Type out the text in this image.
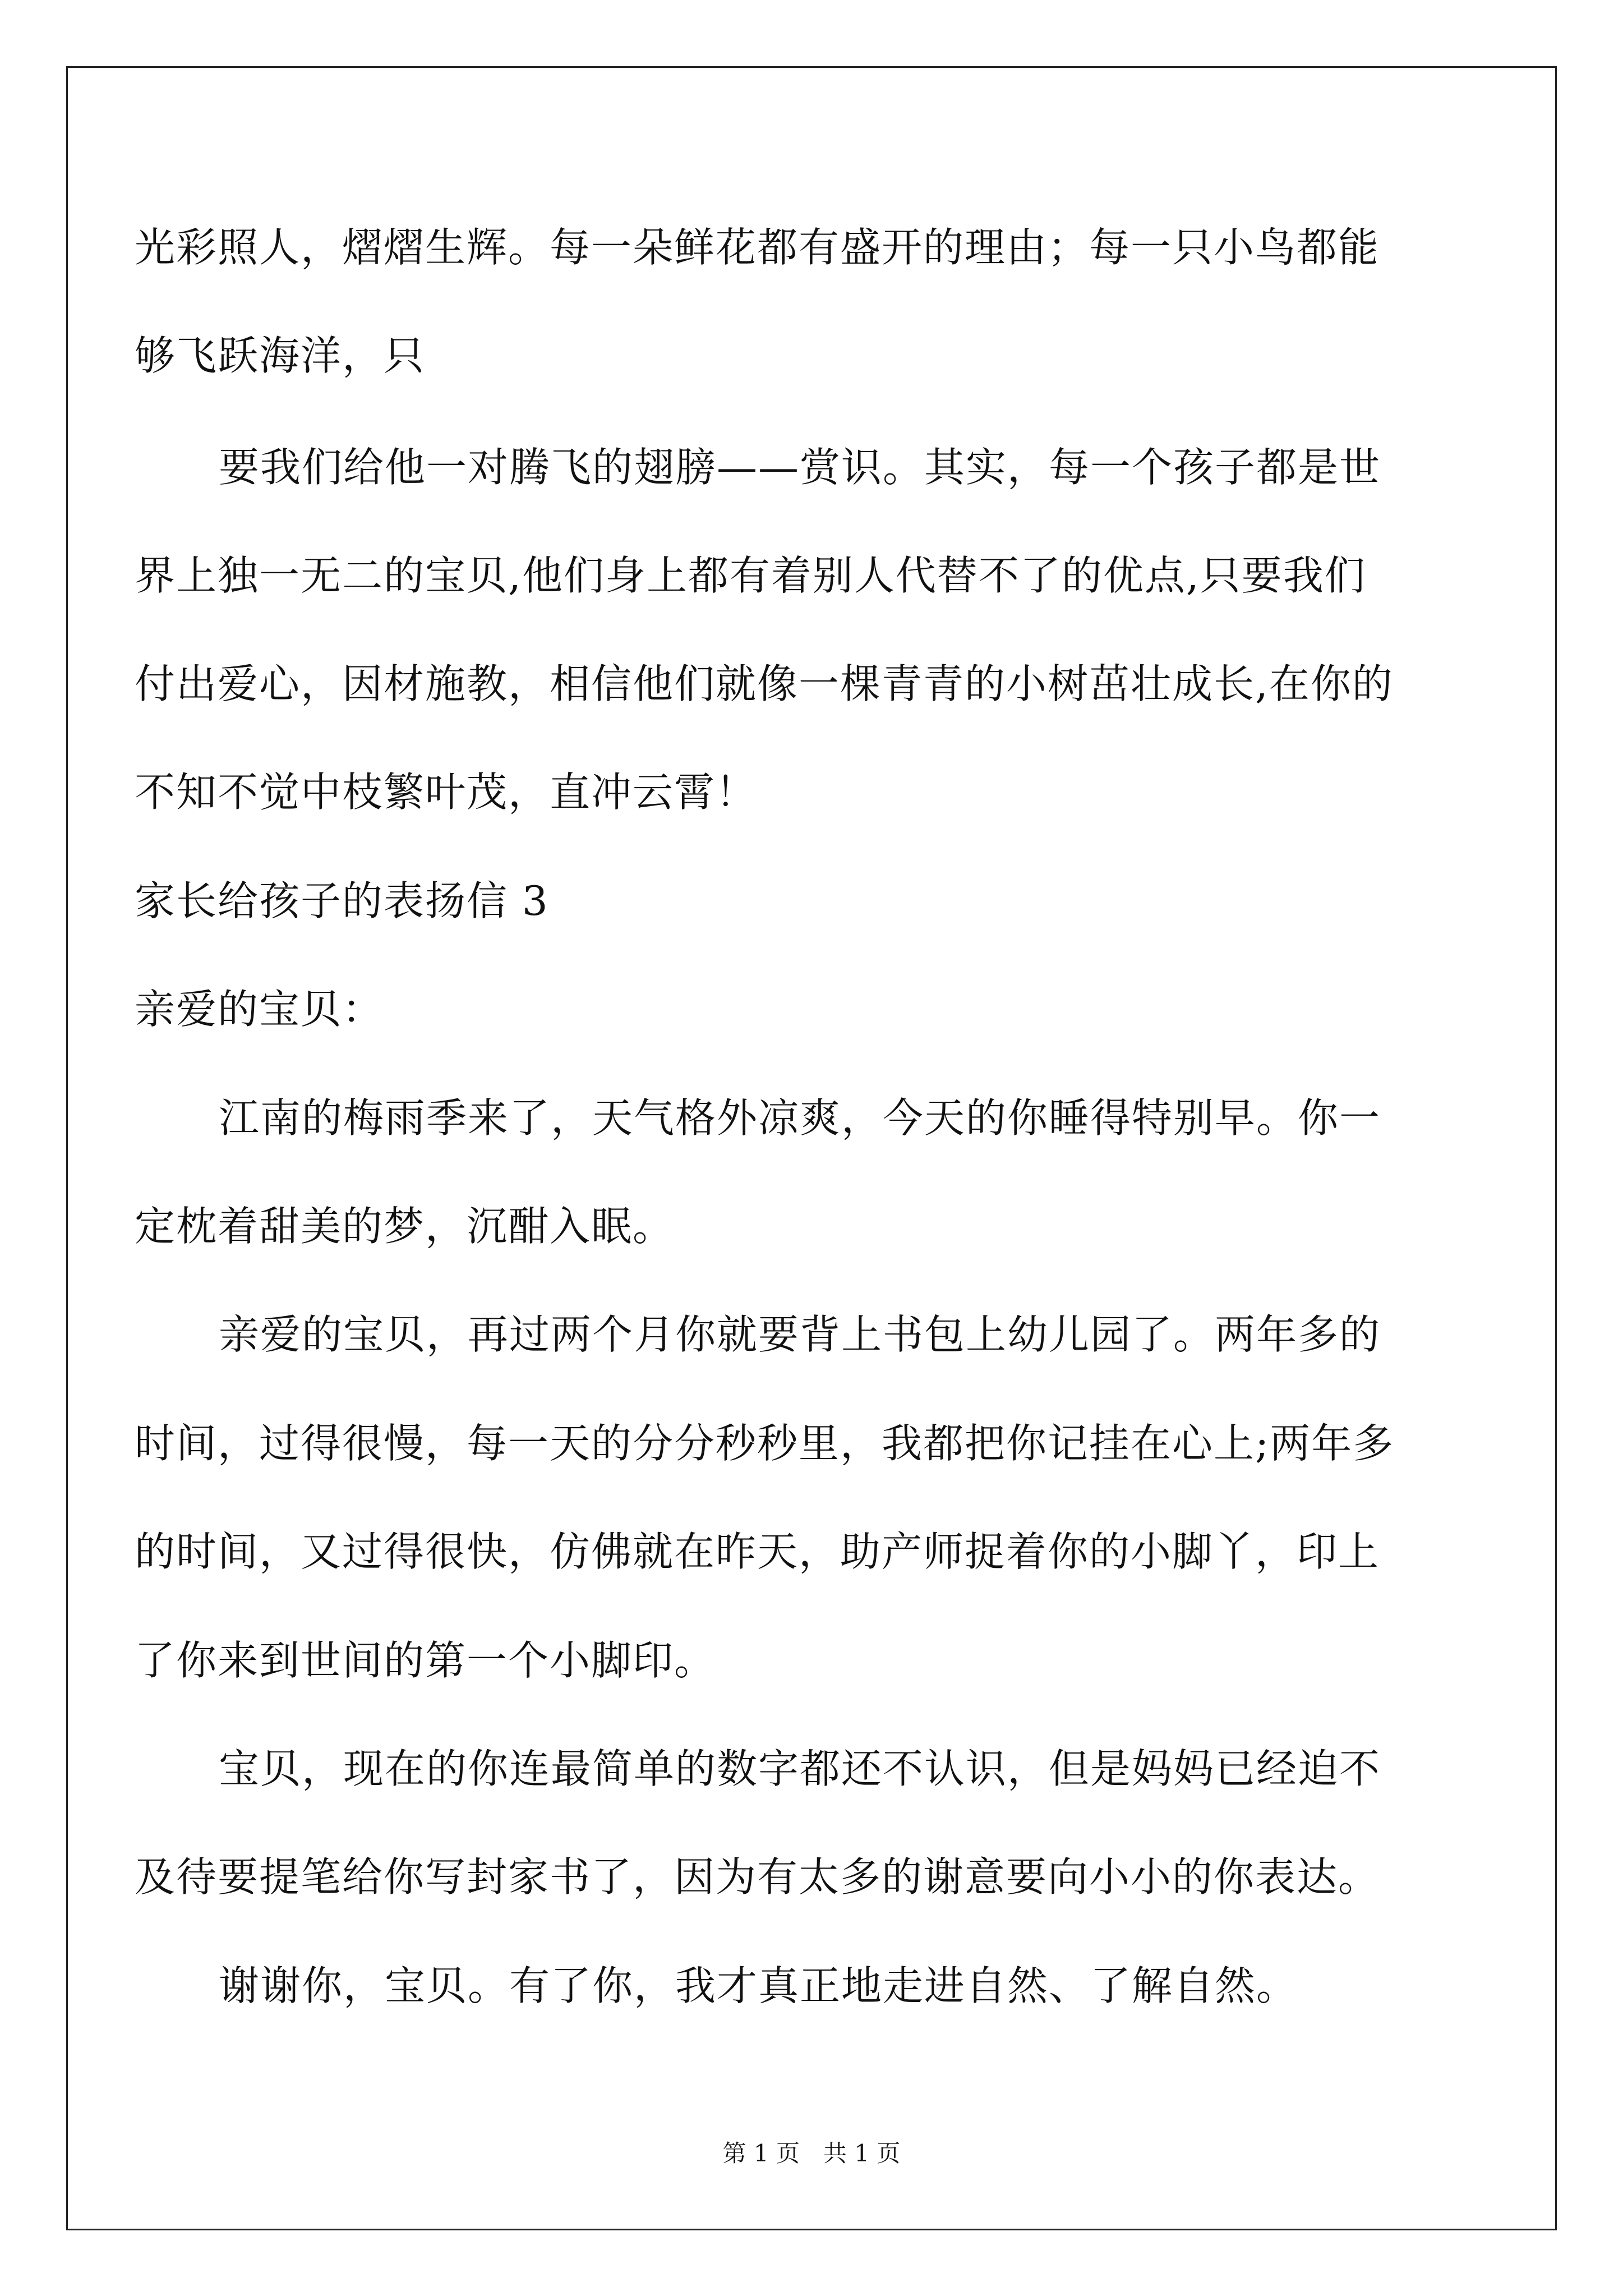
光彩照人，熠熠生辉。每一朵鲜花都有盛开的理由；每一只小鸟都能
够飞跃海洋，只
要我们给他一对腾飞的翅膀——赏识。其实，每一个孩子都是世
界上独一无二的宝贝,他们身上都有着别人代替不了的优点,只要我们
付出爱心，因材施教，相信他们就像一棵青青的小树茁壮成长,在你的
不知不觉中枝繁叶茂，直冲云霄！
家长给孩子的表扬信 3
亲爱的宝贝：
江南的梅雨季来了，天气格外凉爽，今天的你睡得特别早。你一
定枕着甜美的梦，沉酣入眠。
亲爱的宝贝，再过两个月你就要背上书包上幼儿园了。两年多的
时间，过得很慢，每一天的分分秒秒里，我都把你记挂在心上;两年多
的时间，又过得很快，仿佛就在昨天，助产师捉着你的小脚丫，印上
了你来到世间的第一个小脚印。
宝贝，现在的你连最简单的数字都还不认识，但是妈妈已经迫不
及待要提笔给你写封家书了，因为有太多的谢意要向小小的你表达。
谢谢你，宝贝。有了你，我才真正地走进自然、了解自然。
第 1 页　共 1 页
